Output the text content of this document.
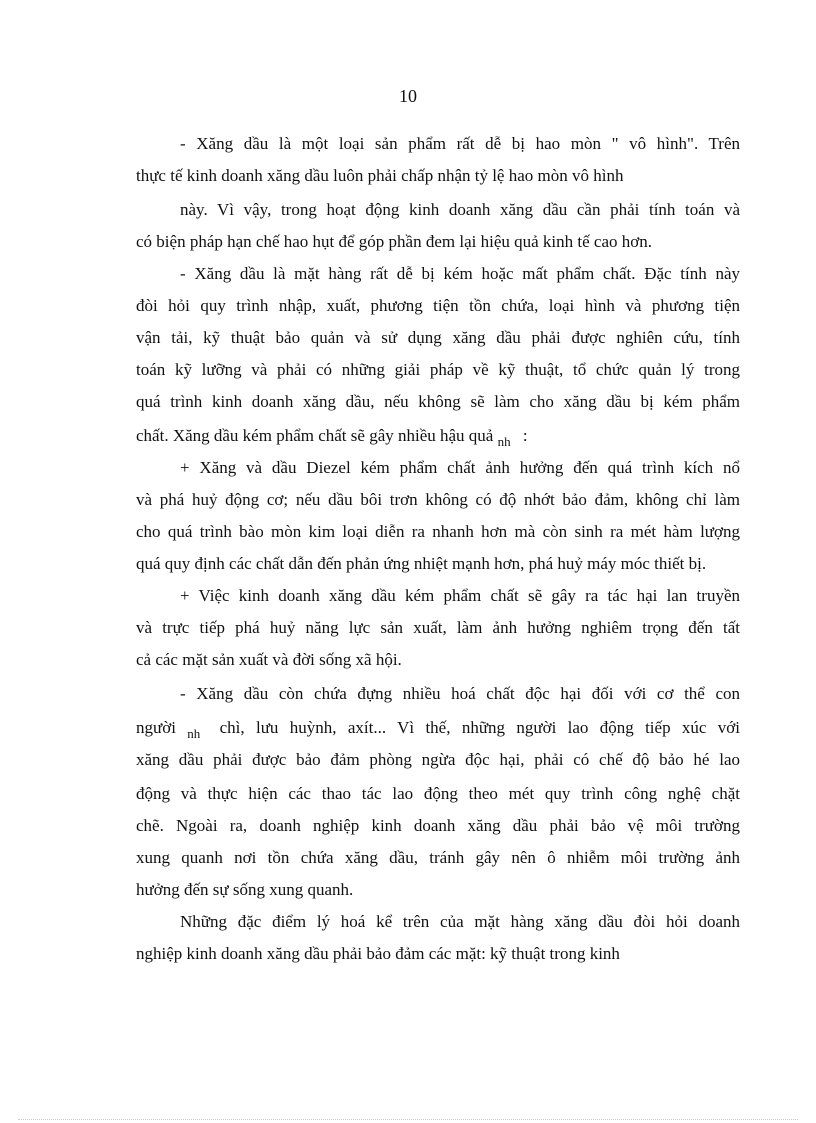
10
- Xăng dầu là một loại sản phẩm rất dễ bị hao mòn " vô hình". Trên
thực tế kinh doanh xăng dầu luôn phải chấp nhận tỷ lệ hao mòn vô hình
này. Vì vậy, trong hoạt động kinh doanh xăng dầu cần phải tính toán và
có biện pháp hạn chế hao hụt để góp phần đem lại hiệu quả kinh tế cao hơn.
- Xăng dầu là mặt hàng rất dễ bị kém hoặc mất phẩm chất. Đặc tính này
đòi hỏi quy trình nhập, xuất, phương tiện tồn chứa, loại hình và phương tiện
vận tải, kỹ thuật bảo quản và sử dụng xăng dầu phải được nghiên cứu, tính
toán kỹ lưỡng và phải có những giải pháp về kỹ thuật, tổ chức quản lý trong
quá trình kinh doanh xăng dầu, nếu không sẽ làm cho xăng dầu bị kém phẩm
chất. Xăng dầu kém phẩm chất sẽ gây nhiều hậu quả $_{nh}$ :
+ Xăng và dầu Diezel kém phẩm chất ảnh hưởng đến quá trình kích nổ
và phá huỷ động cơ; nếu dầu bôi trơn không có độ nhớt bảo đảm, không chỉ làm
cho quá trình bào mòn kim loại diễn ra nhanh hơn mà còn sinh ra mét hàm lượng
quá quy định các chất dẫn đến phản ứng nhiệt mạnh hơn, phá huỷ máy móc thiết bị.
+ Việc kinh doanh xăng dầu kém phẩm chất sẽ gây ra tác hại lan truyền
và trực tiếp phá huỷ năng lực sản xuất, làm ảnh hưởng nghiêm trọng đến tất
cả các mặt sản xuất và đời sống xã hội.
- Xăng dầu còn chứa đựng nhiều hoá chất độc hại đối với cơ thể con
người $_{nh}$ chì, lưu huỳnh, axít... Vì thế, những người lao động tiếp xúc với
xăng dầu phải được bảo đảm phòng ngừa độc hại, phải có chế độ bảo hé lao
động và thực hiện các thao tác lao động theo mét quy trình công nghệ chặt
chẽ. Ngoài ra, doanh nghiệp kinh doanh xăng dầu phải bảo vệ môi trường
xung quanh nơi tồn chứa xăng dầu, tránh gây nên ô nhiễm môi trường ảnh
hưởng đến sự sống xung quanh.
Những đặc điểm lý hoá kể trên của mặt hàng xăng dầu đòi hỏi doanh
nghiệp kinh doanh xăng dầu phải bảo đảm các mặt: kỹ thuật trong kinh
